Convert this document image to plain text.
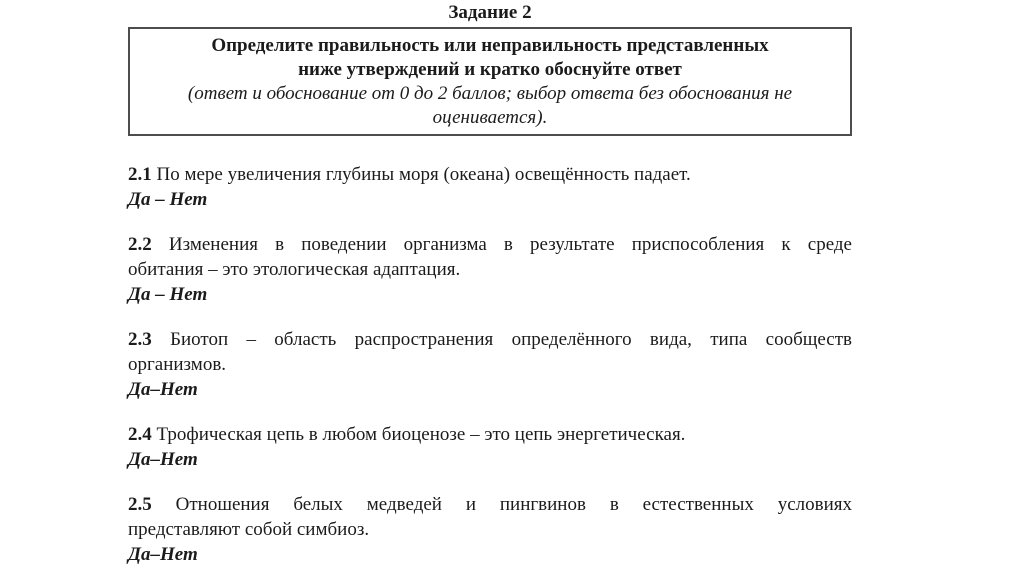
Задание 2
Определите правильность или неправильность представленных
ниже утверждений и кратко обоснуйте ответ
(ответ и обоснование от 0 до 2 баллов; выбор ответа без обоснования не
оценивается).
2.1 По мере увеличения глубины моря (океана) освещённость падает.

Да – Нет

2.2 Изменения в поведении организма в результате приспособления к среде
обитания – это этологическая адаптация.

Да – Нет

2.3 Биотоп – область распространения определённого вида, типа сообществ
организмов.

Да–Нет

2.4 Трофическая цепь в любом биоценозе – это цепь энергетическая.

Да–Нет

2.5 Отношения белых медведей и пингвинов в естественных условиях
представляют собой симбиоз.

Да–Нет
